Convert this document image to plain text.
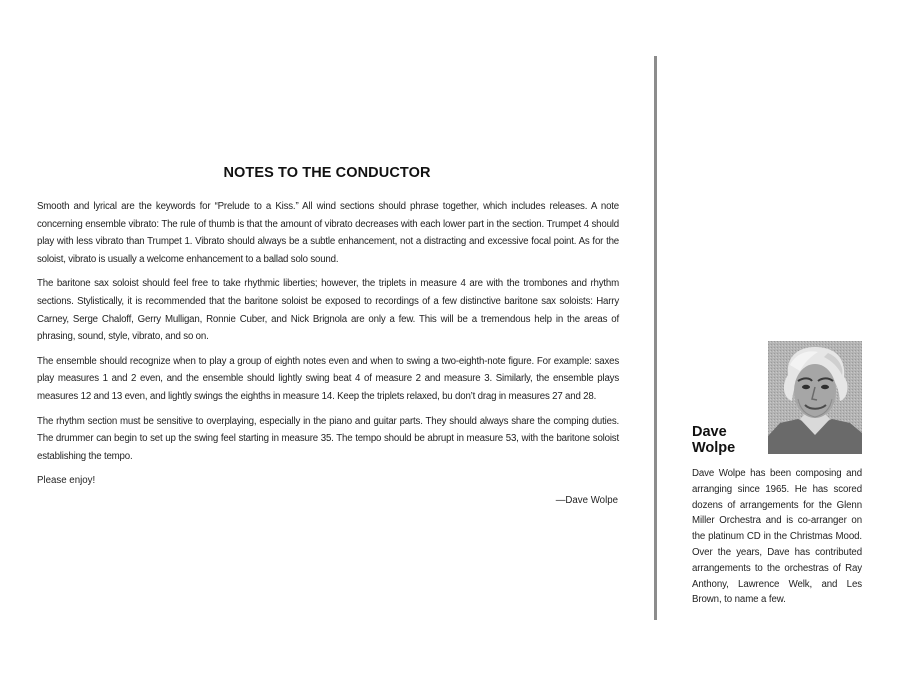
NOTES TO THE CONDUCTOR

Smooth and lyrical are the keywords for “Prelude to a Kiss.” All wind sections should phrase together, which includes releases. A note concerning ensemble vibrato: The rule of thumb is that the amount of vibrato decreases with each lower part in the section. Trumpet 4 should play with less vibrato than Trumpet 1. Vibrato should always be a subtle enhancement, not a distracting and excessive focal point. As for the soloist, vibrato is usually a welcome enhancement to a ballad solo sound.

The baritone sax soloist should feel free to take rhythmic liberties; however, the triplets in measure 4 are with the trombones and rhythm sections. Stylistically, it is recommended that the baritone soloist be exposed to recordings of a few distinctive baritone sax soloists: Harry Carney, Serge Chaloff, Gerry Mulligan, Ronnie Cuber, and Nick Brignola are only a few. This will be a tremendous help in the areas of phrasing, sound, style, vibrato, and so on.

The ensemble should recognize when to play a group of eighth notes even and when to swing a two-eighth-note figure. For example: saxes play measures 1 and 2 even, and the ensemble should lightly swing beat 4 of measure 2 and measure 3. Similarly, the ensemble plays measures 12 and 13 even, and lightly swings the eighths in measure 14. Keep the triplets relaxed, bu don’t drag in measures 27 and 28.

The rhythm section must be sensitive to overplaying, especially in the piano and guitar parts. They should always share the comping duties. The drummer can begin to set up the swing feel starting in measure 35. The tempo should be abrupt in measure 53, with the baritone soloist establishing the tempo.

Please enjoy!

—Dave Wolpe

Dave
Wolpe

Dave Wolpe has been composing and arranging since 1965. He has scored dozens of arrangements for the Glenn Miller Orchestra and is co-arranger on the platinum CD in the Christmas Mood. Over the years, Dave has contributed arrangements to the orchestras of Ray Anthony, Lawrence Welk, and Les Brown, to name a few.
